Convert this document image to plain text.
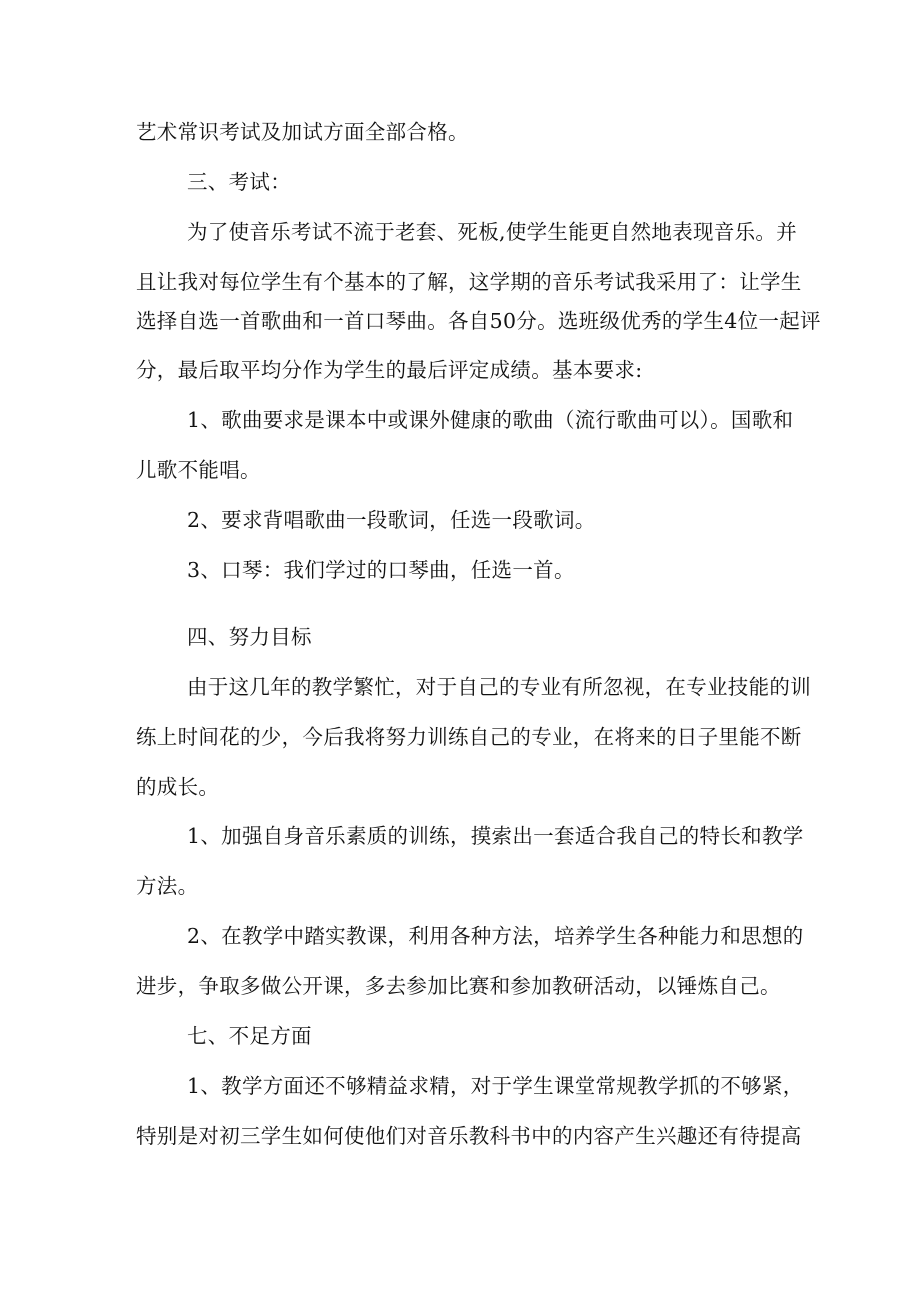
艺术常识考试及加试方面全部合格。
三、考试：
为了使音乐考试不流于老套、死板,使学生能更自然地表现音乐。并
且让我对每位学生有个基本的了解，这学期的音乐考试我采用了：让学生
选择自选一首歌曲和一首口琴曲。各自50分。选班级优秀的学生4位一起评
分，最后取平均分作为学生的最后评定成绩。基本要求:
1、歌曲要求是课本中或课外健康的歌曲（流行歌曲可以）。国歌和
儿歌不能唱。
2、要求背唱歌曲一段歌词，任选一段歌词。
3、口琴：我们学过的口琴曲，任选一首。
四、努力目标
由于这几年的教学繁忙，对于自己的专业有所忽视，在专业技能的训
练上时间花的少，今后我将努力训练自己的专业，在将来的日子里能不断
的成长。
1、加强自身音乐素质的训练，摸索出一套适合我自己的特长和教学
方法。
2、在教学中踏实教课，利用各种方法，培养学生各种能力和思想的
进步，争取多做公开课，多去参加比赛和参加教研活动，以锤炼自己。
七、不足方面
1、教学方面还不够精益求精，对于学生课堂常规教学抓的不够紧，
特别是对初三学生如何使他们对音乐教科书中的内容产生兴趣还有待提高
